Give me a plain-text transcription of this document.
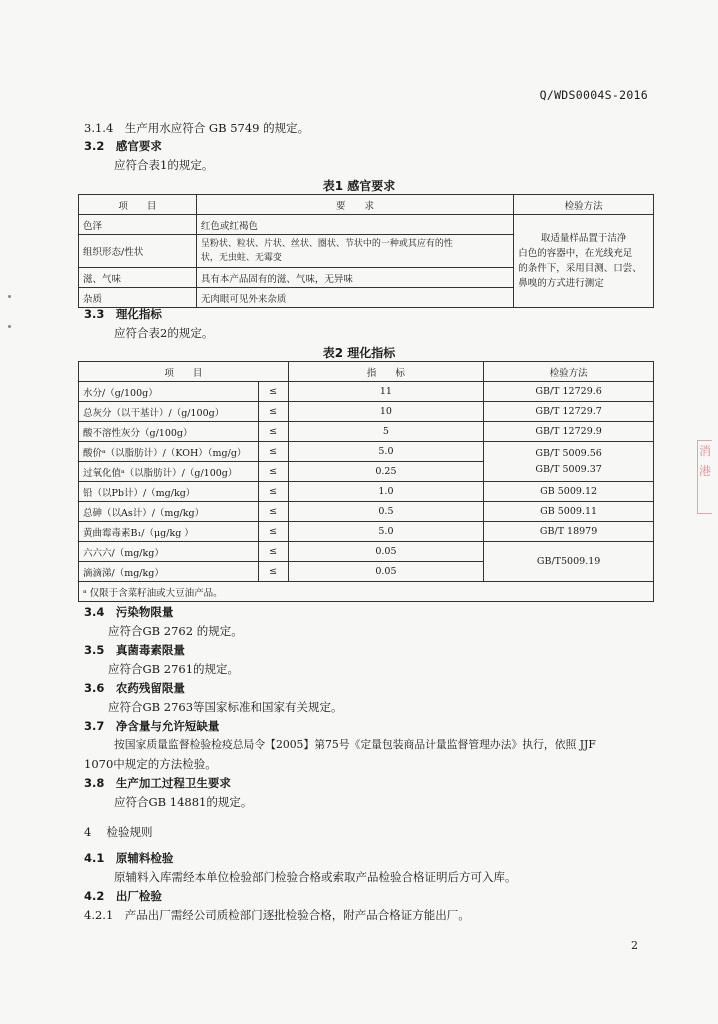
Q/WDS0004S-2016
3.1.4　 生产用水应符合 GB 5749 的规定。
3.2　 感官要求
应符合表1的规定。
表1 感官要求
项　　目	要　　求	检验方法
色泽	红色或红褐色	取适量样品置于洁净
白色的容器中，在光线充足
的条件下，采用目测、口尝、
鼻嗅的方式进行测定

组织形态/性状	呈粉状、粒状、片状、丝状、圈状、节状中的一种或其应有的性
状，无虫蛀、无霉变	

滋、气味	具有本产品固有的滋、气味，无异味	
杂质	无肉眼可见外来杂质	
3.3　 理化指标
应符合表2的规定。
表2 理化指标
项　　目		指　　标	检验方法
水分/（g/100g）	≤	11	GB/T 12729.6
总灰分（以干基计）/（g/100g）	≤	10	GB/T 12729.7
酸不溶性灰分（g/100g）	≤	5	GB/T 12729.9
酸价ᵃ（以脂肪计）/（KOH）（mg/g）	≤	5.0	GB/T 5009.56
GB/T 5009.37

过氧化值ᵃ（以脂肪计）/（g/100g）	≤	0.25	
铅（以Pb计）/（mg/kg）	≤	1.0	GB 5009.12
总砷（以As计）/（mg/kg）	≤	0.5	GB 5009.11
黄曲霉毒素B₁/（μg/kg ）	≤	5.0	GB/T 18979
六六六/（mg/kg）	≤	0.05	GB/T5009.19
滴滴涕/（mg/kg）	≤	0.05	
ᵃ 仅限于含菜籽油或大豆油产品。			
3.4　 污染物限量
应符合GB 2762 的规定。
3.5　 真菌毒素限量
应符合GB 2761的规定。
3.6　 农药残留限量
应符合GB 2763等国家标准和国家有关规定。
3.7　 净含量与允许短缺量
按国家质量监督检验检疫总局令【2005】第75号《定量包装商品计量监督管理办法》执行，依照 JJF
1070中规定的方法检验。
3.8　 生产加工过程卫生要求
应符合GB 14881的规定。
4　 检验规则
4.1　 原辅料检验
原辅料入库需经本单位检验部门检验合格或索取产品检验合格证明后方可入库。
4.2　 出厂检验
4.2.1　 产品出厂需经公司质检部门逐批检验合格，附产品合格证方能出厂。
2
消
港
